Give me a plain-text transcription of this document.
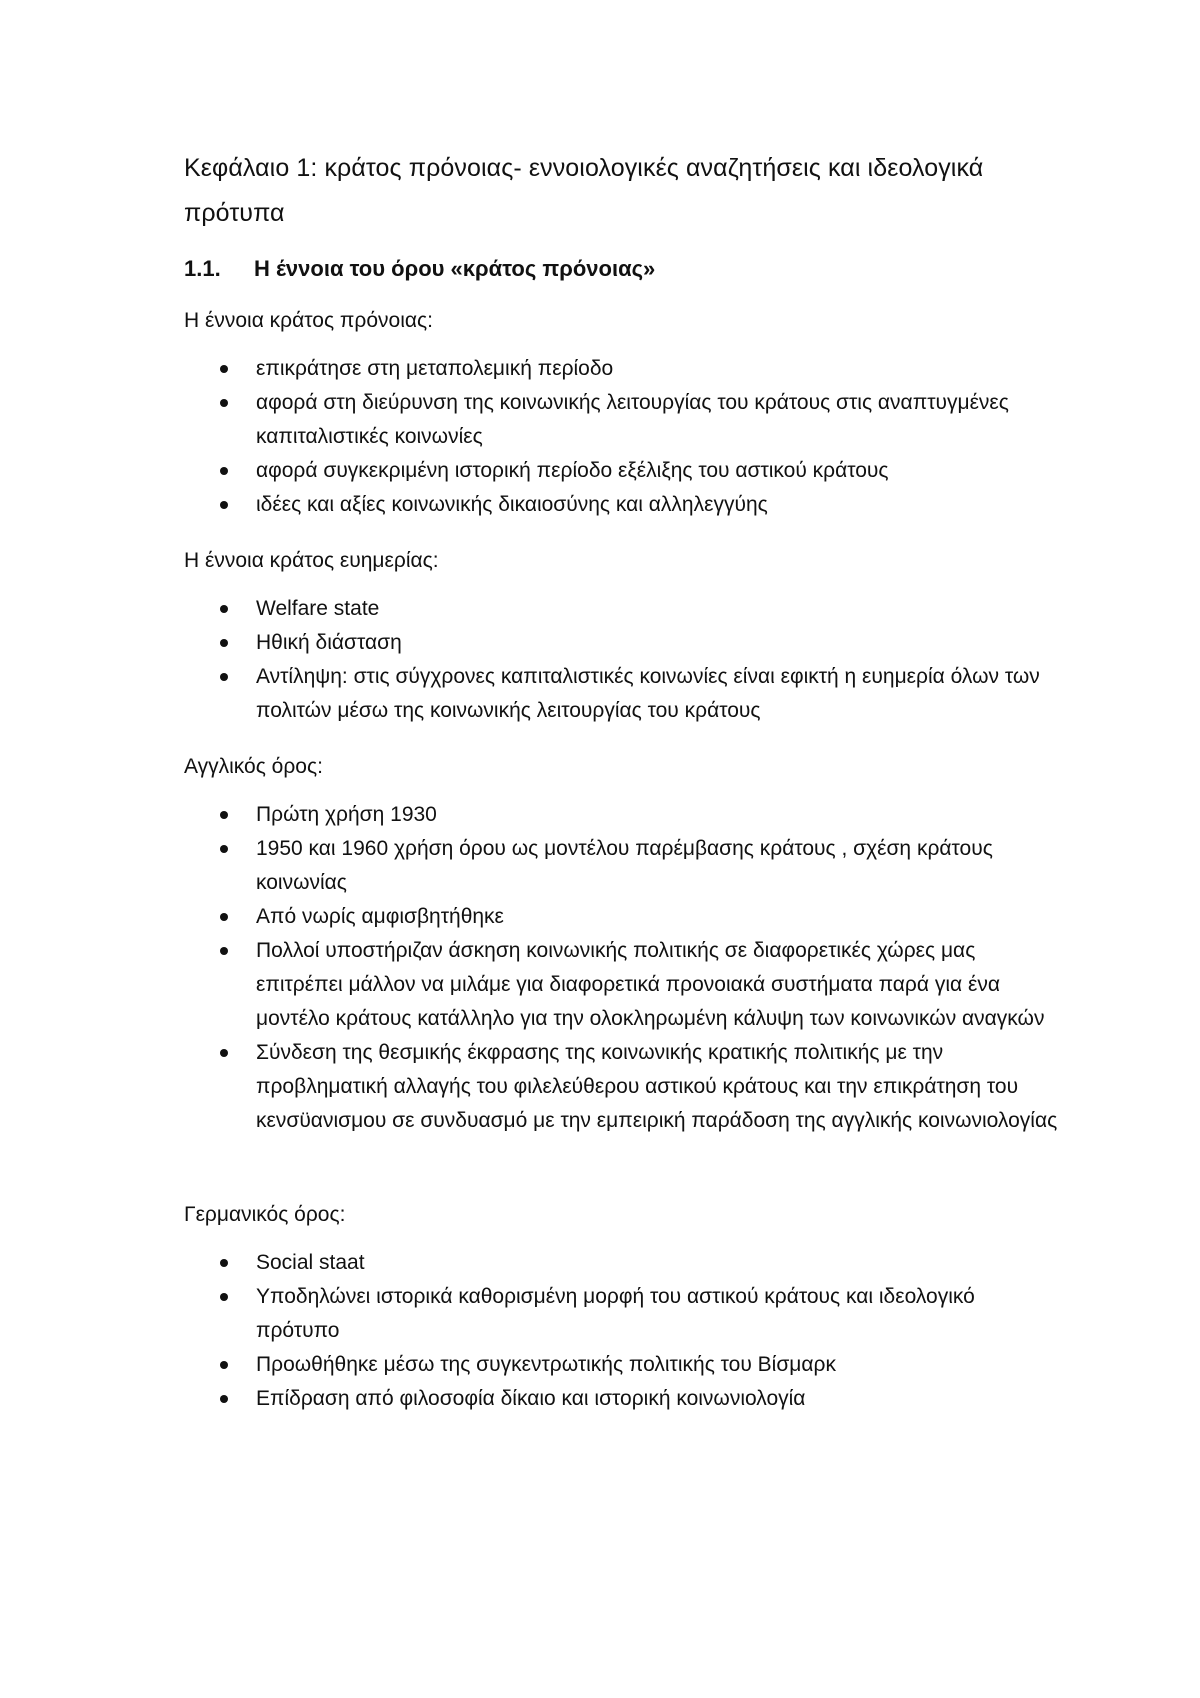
Κεφάλαιο 1: κράτος πρόνοιας- εννοιολογικές αναζητήσεις και ιδεολογικά πρότυπα
1.1.	Η έννοια του όρου «κράτος πρόνοιας»

Η έννοια κράτος πρόνοιας:

επικράτησε στη μεταπολεμική περίοδο
αφορά στη διεύρυνση της κοινωνικής λειτουργίας του κράτους στις αναπτυγμένες καπιταλιστικές κοινωνίες
αφορά συγκεκριμένη ιστορική περίοδο εξέλιξης του αστικού κράτους
ιδέες και αξίες κοινωνικής δικαιοσύνης και αλληλεγγύης

Η έννοια κράτος ευημερίας:

Welfare state
Ηθική διάσταση
Αντίληψη: στις σύγχρονες καπιταλιστικές κοινωνίες είναι εφικτή η ευημερία όλων των πολιτών μέσω της κοινωνικής λειτουργίας του κράτους

Αγγλικός όρος:

Πρώτη χρήση 1930
1950 και 1960 χρήση όρου ως μοντέλου παρέμβασης κράτους , σχέση κράτους κοινωνίας
Από νωρίς αμφισβητήθηκε
Πολλοί υποστήριζαν άσκηση κοινωνικής πολιτικής σε διαφορετικές χώρες μας επιτρέπει μάλλον να μιλάμε για διαφορετικά προνοιακά συστήματα παρά για ένα μοντέλο κράτους κατάλληλο για την ολοκληρωμένη κάλυψη των κοινωνικών αναγκών
Σύνδεση της θεσμικής έκφρασης της κοινωνικής κρατικής πολιτικής με την προβληματική αλλαγής του φιλελεύθερου αστικού κράτους και την επικράτηση του κενσϋανισμου σε συνδυασμό με την εμπειρική παράδοση της αγγλικής κοινωνιολογίας

Γερμανικός όρος:

Social staat
Υποδηλώνει ιστορικά καθορισμένη μορφή του αστικού κράτους και ιδεολογικό πρότυπο
Προωθήθηκε μέσω της συγκεντρωτικής πολιτικής του Βίσμαρκ
Επίδραση από φιλοσοφία δίκαιο και ιστορική κοινωνιολογία
